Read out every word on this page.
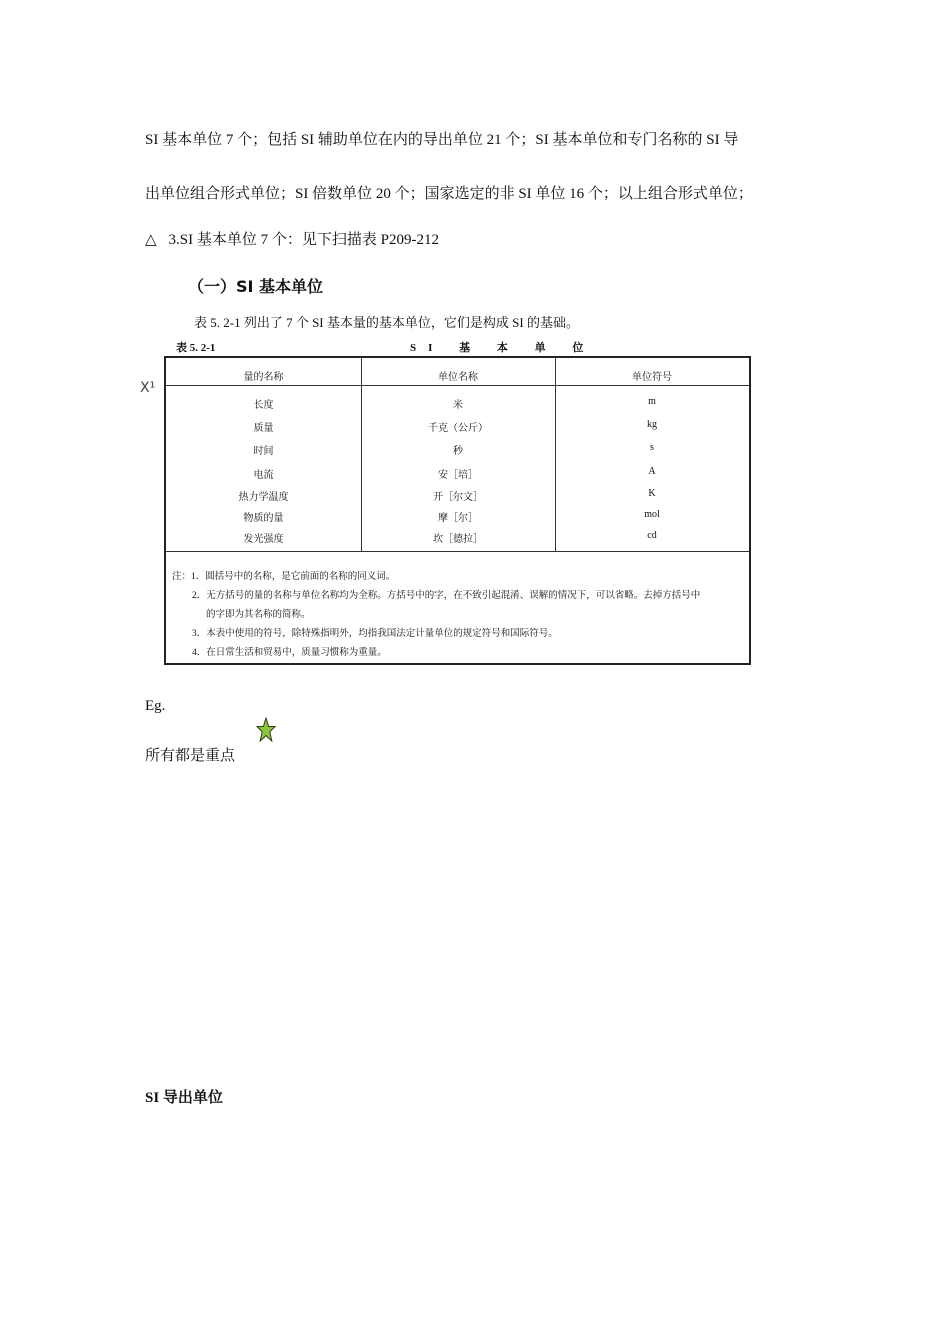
SI 基本单位 7 个；包括 SI 辅助单位在内的导出单位 21 个；SI 基本单位和专门名称的 SI 导
出单位组合形式单位；SI 倍数单位 20 个；国家选定的非 SI 单位 16 个；以上组合形式单位；
△ 3.SI 基本单位 7 个：见下扫描表 P209-212
（一）SI 基本单位
表 5. 2-1 列出了 7 个 SI 基本量的基本单位，它们是构成 SI 的基础。
表 5. 2-1	SI 基 本 单 位
X¹
量的名称	单位名称	单位符号
长度	米	m
质量	千克（公斤）	kg
时间	秒	s
电流	安［培］	A
热力学温度	开［尔文］	K
物质的量	摩［尔］	mol
发光强度	坎［德拉］	cd
注：1．圆括号中的名称，是它前面的名称的同义词。
2．无方括号的量的名称与单位名称均为全称。方括号中的字，在不致引起混淆、误解的情况下，可以省略。去掉方括号中
的字即为其名称的简称。
3．本表中使用的符号，除特殊指明外，均指我国法定计量单位的规定符号和国际符号。
4．在日常生活和贸易中，质量习惯称为重量。
Eg.
所有都是重点
SI 导出单位
